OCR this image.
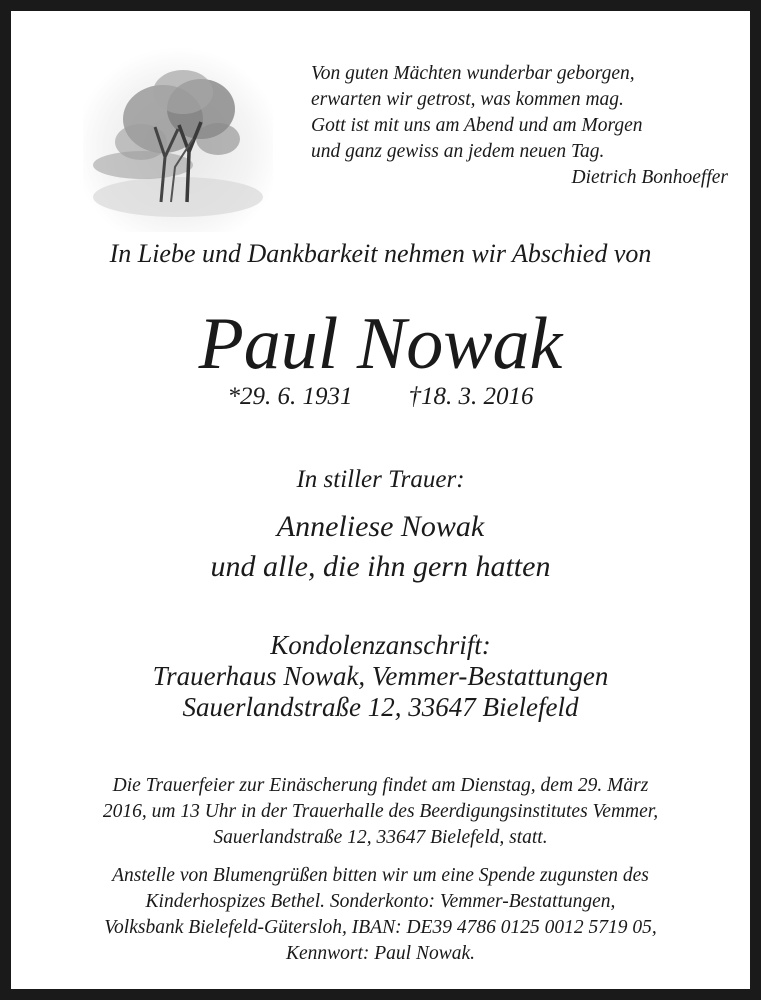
Von guten Mächten wunderbar geborgen,
erwarten wir getrost, was kommen mag.
Gott ist mit uns am Abend und am Morgen
und ganz gewiss an jedem neuen Tag.
Dietrich Bonhoeffer
In Liebe und Dankbarkeit nehmen wir Abschied von
Paul Nowak
*29. 6. 1931 †18. 3. 2016
In stiller Trauer:
Anneliese Nowak
und alle, die ihn gern hatten
Kondolenzanschrift:
Trauerhaus Nowak, Vemmer-Bestattungen
Sauerlandstraße 12, 33647 Bielefeld
Die Trauerfeier zur Einäscherung findet am Dienstag, dem 29. März
2016, um 13 Uhr in der Trauerhalle des Beerdigungsinstitutes Vemmer,
Sauerlandstraße 12, 33647 Bielefeld, statt.
Anstelle von Blumengrüßen bitten wir um eine Spende zugunsten des
Kinderhospizes Bethel. Sonderkonto: Vemmer-Bestattungen,
Volksbank Bielefeld-Gütersloh, IBAN: DE39 4786 0125 0012 5719 05,
Kennwort: Paul Nowak.
